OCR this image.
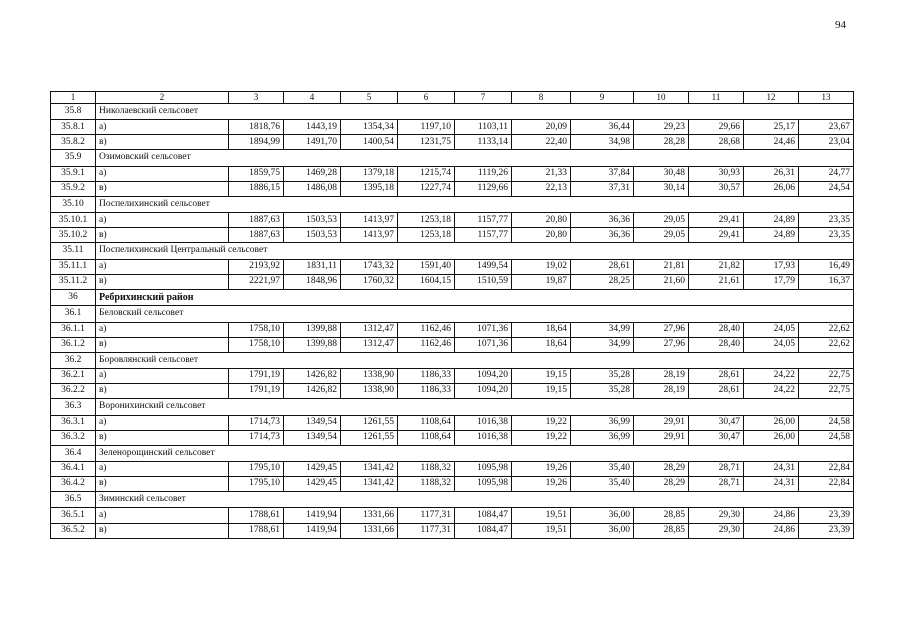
94
1	2	3	4	5	6	7	8	9	10	11	12	13
35.8	Николаевский сельсовет											
35.8.1	а)	1818,76	1443,19	1354,34	1197,10	1103,11	20,09	36,44	29,23	29,66	25,17	23,67
35.8.2	в)	1894,99	1491,70	1400,54	1231,75	1133,14	22,40	34,98	28,28	28,68	24,46	23,04
35.9	Озимовский сельсовет											
35.9.1	а)	1859,75	1469,28	1379,18	1215,74	1119,26	21,33	37,84	30,48	30,93	26,31	24,77
35.9.2	в)	1886,15	1486,08	1395,18	1227,74	1129,66	22,13	37,31	30,14	30,57	26,06	24,54
35.10	Поспелихинский сельсовет											
35.10.1	а)	1887,63	1503,53	1413,97	1253,18	1157,77	20,80	36,36	29,05	29,41	24,89	23,35
35.10.2	в)	1887,63	1503,53	1413,97	1253,18	1157,77	20,80	36,36	29,05	29,41	24,89	23,35
35.11	Поспелихинский Центральный сельсовет											
35.11.1	а)	2193,92	1831,11	1743,32	1591,40	1499,54	19,02	28,61	21,81	21,82	17,93	16,49
35.11.2	в)	2221,97	1848,96	1760,32	1604,15	1510,59	19,87	28,25	21,60	21,61	17,79	16,37
36	Ребрихинский район											
36.1	Беловский сельсовет											
36.1.1	а)	1758,10	1399,88	1312,47	1162,46	1071,36	18,64	34,99	27,96	28,40	24,05	22,62
36.1.2	в)	1758,10	1399,88	1312,47	1162,46	1071,36	18,64	34,99	27,96	28,40	24,05	22,62
36.2	Боровлянский сельсовет											
36.2.1	а)	1791,19	1426,82	1338,90	1186,33	1094,20	19,15	35,28	28,19	28,61	24,22	22,75
36.2.2	в)	1791,19	1426,82	1338,90	1186,33	1094,20	19,15	35,28	28,19	28,61	24,22	22,75
36.3	Воронихинский сельсовет											
36.3.1	а)	1714,73	1349,54	1261,55	1108,64	1016,38	19,22	36,99	29,91	30,47	26,00	24,58
36.3.2	в)	1714,73	1349,54	1261,55	1108,64	1016,38	19,22	36,99	29,91	30,47	26,00	24,58
36.4	Зеленорощинский сельсовет											
36.4.1	а)	1795,10	1429,45	1341,42	1188,32	1095,98	19,26	35,40	28,29	28,71	24,31	22,84
36.4.2	в)	1795,10	1429,45	1341,42	1188,32	1095,98	19,26	35,40	28,29	28,71	24,31	22,84
36.5	Зиминский сельсовет											
36.5.1	а)	1788,61	1419,94	1331,66	1177,31	1084,47	19,51	36,00	28,85	29,30	24,86	23,39
36.5.2	в)	1788,61	1419,94	1331,66	1177,31	1084,47	19,51	36,00	28,85	29,30	24,86	23,39
